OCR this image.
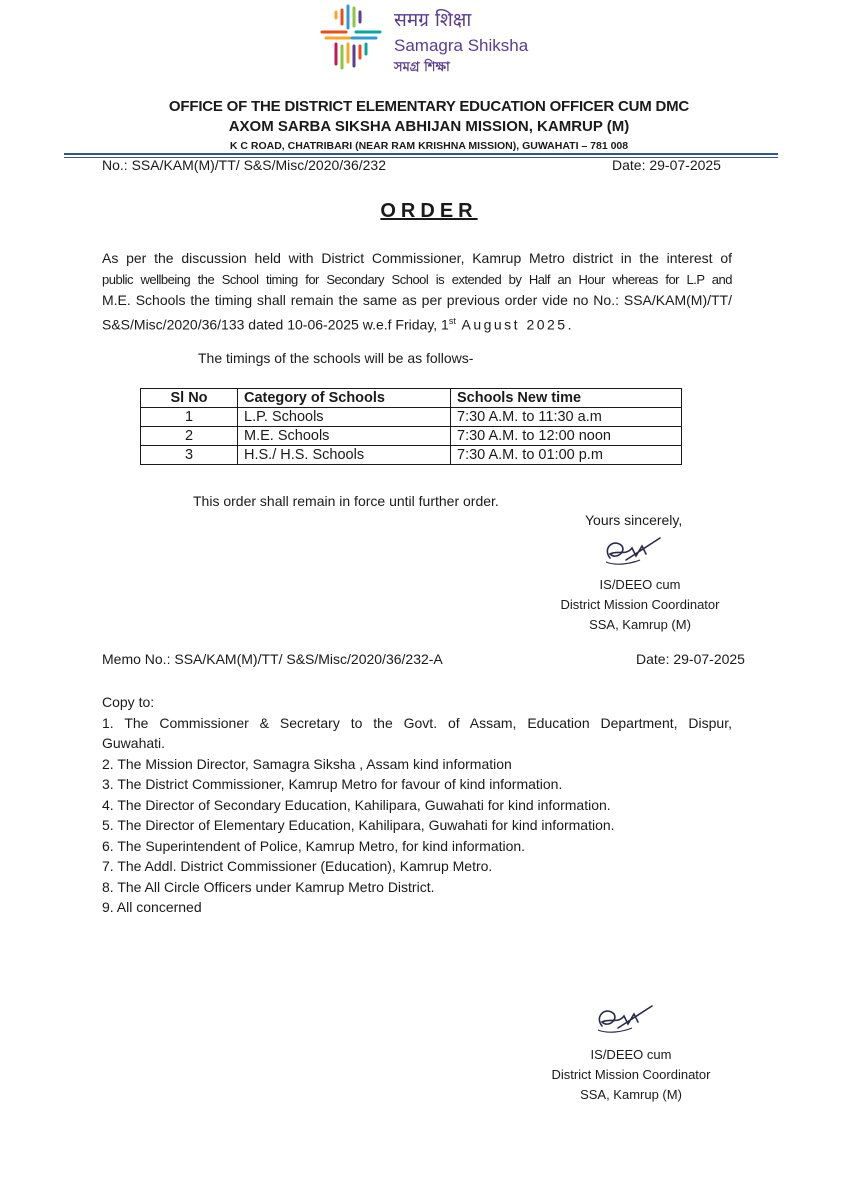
समग्र शिक्षा
Samagra Shiksha
সমগ্র শিক্ষা
OFFICE OF THE DISTRICT ELEMENTARY EDUCATION OFFICER CUM DMC
AXOM SARBA SIKSHA ABHIJAN MISSION, KAMRUP (M)
K C ROAD, CHATRIBARI (NEAR RAM KRISHNA MISSION), GUWAHATI – 781 008
No.: SSA/KAM(M)/TT/ S&S/Misc/2020/36/232	Date: 29-07-2025
ORDER
As per the discussion held with District Commissioner, Kamrup Metro district in the interest of
public wellbeing the School timing for Secondary School is extended by Half an Hour whereas for L.P and
M.E. Schools the timing shall remain the same as per previous order vide no No.: SSA/KAM(M)/TT/
S&S/Misc/2020/36/133 dated 10-06-2025 w.e.f Friday, 1st August 2025.
The timings of the schools will be as follows-
Sl No	Category of Schools	Schools New time
1	L.P. Schools	7:30 A.M. to 11:30 a.m
2	M.E. Schools	7:30 A.M. to 12:00 noon
3	H.S./ H.S. Schools	7:30 A.M. to 01:00 p.m
This order shall remain in force until further order.
Yours sincerely,
IS/DEEO cum
District Mission Coordinator
SSA, Kamrup (M)
Memo No.: SSA/KAM(M)/TT/ S&S/Misc/2020/36/232-A	Date: 29-07-2025
Copy to:
1. The Commissioner & Secretary to the Govt. of Assam, Education Department, Dispur,
Guwahati.
2. The Mission Director, Samagra Siksha , Assam kind information
3. The District Commissioner, Kamrup Metro for favour of kind information.
4. The Director of Secondary Education, Kahilipara, Guwahati for kind information.
5. The Director of Elementary Education, Kahilipara, Guwahati for kind information.
6. The Superintendent of Police, Kamrup Metro, for kind information.
7. The Addl. District Commissioner (Education), Kamrup Metro.
8. The All Circle Officers under Kamrup Metro District.
9. All concerned
IS/DEEO cum
District Mission Coordinator
SSA, Kamrup (M)
